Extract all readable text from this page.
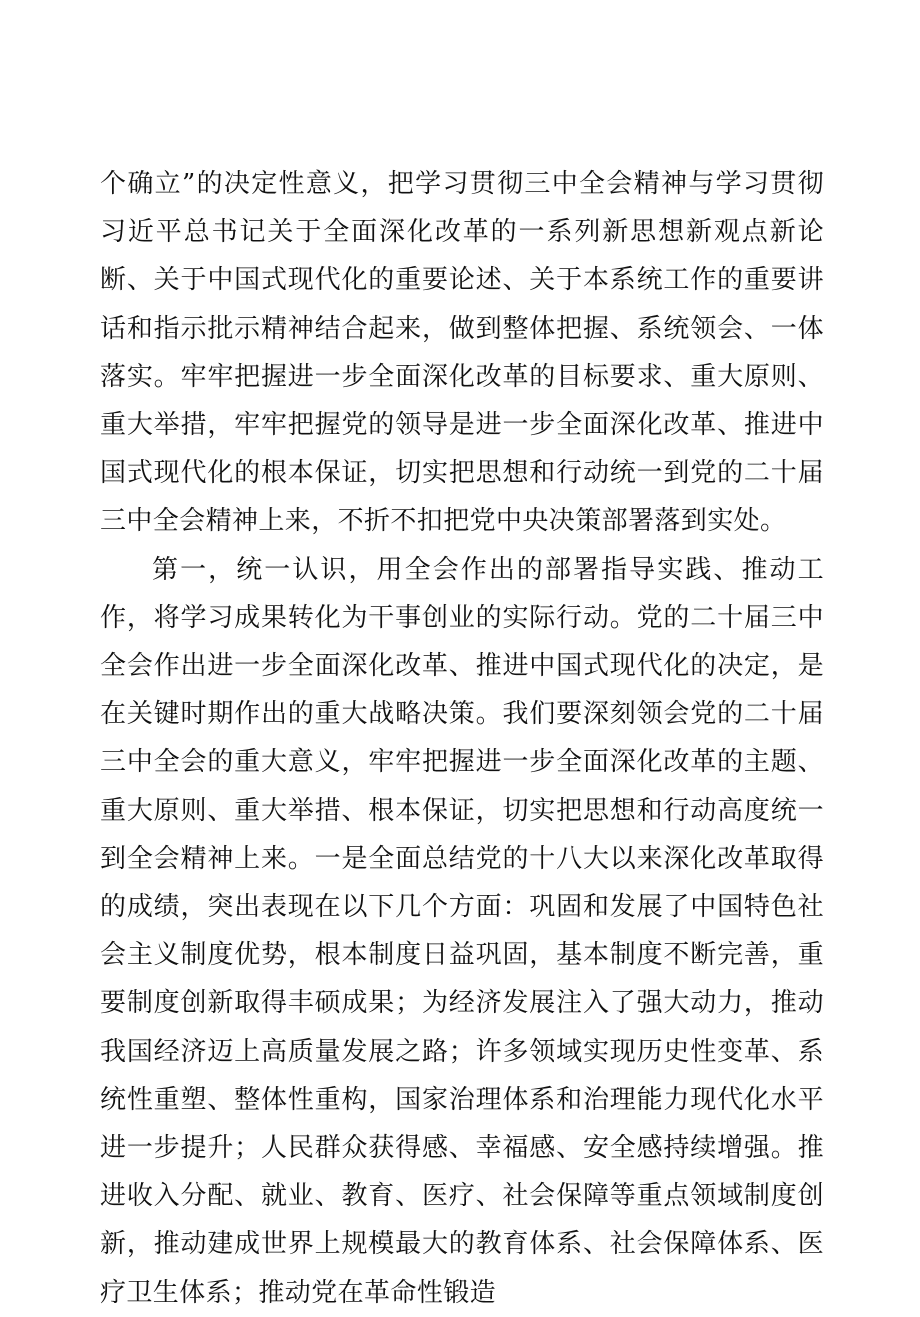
个确立”的决定性意义，把学习贯彻三中全会精神与学习贯彻习近平总书记关于全面深化改革的一系列新思想新观点新论断、关于中国式现代化的重要论述、关于本系统工作的重要讲话和指示批示精神结合起来，做到整体把握、系统领会、一体落实。牢牢把握进一步全面深化改革的目标要求、重大原则、重大举措，牢牢把握党的领导是进一步全面深化改革、推进中国式现代化的根本保证，切实把思想和行动统一到党的二十届三中全会精神上来，不折不扣把党中央决策部署落到实处。

第一，统一认识，用全会作出的部署指导实践、推动工作，将学习成果转化为干事创业的实际行动。党的二十届三中全会作出进一步全面深化改革、推进中国式现代化的决定，是在关键时期作出的重大战略决策。我们要深刻领会党的二十届三中全会的重大意义，牢牢把握进一步全面深化改革的主题、重大原则、重大举措、根本保证，切实把思想和行动高度统一到全会精神上来。一是全面总结党的十八大以来深化改革取得的成绩，突出表现在以下几个方面：巩固和发展了中国特色社会主义制度优势，根本制度日益巩固，基本制度不断完善，重要制度创新取得丰硕成果；为经济发展注入了强大动力，推动我国经济迈上高质量发展之路；许多领域实现历史性变革、系统性重塑、整体性重构，国家治理体系和治理能力现代化水平进一步提升；人民群众获得感、幸福感、安全感持续增强。推进收入分配、就业、教育、医疗、社会保障等重点领域制度创新，推动建成世界上规模最大的教育体系、社会保障体系、医疗卫生体系；推动党在革命性锻造
